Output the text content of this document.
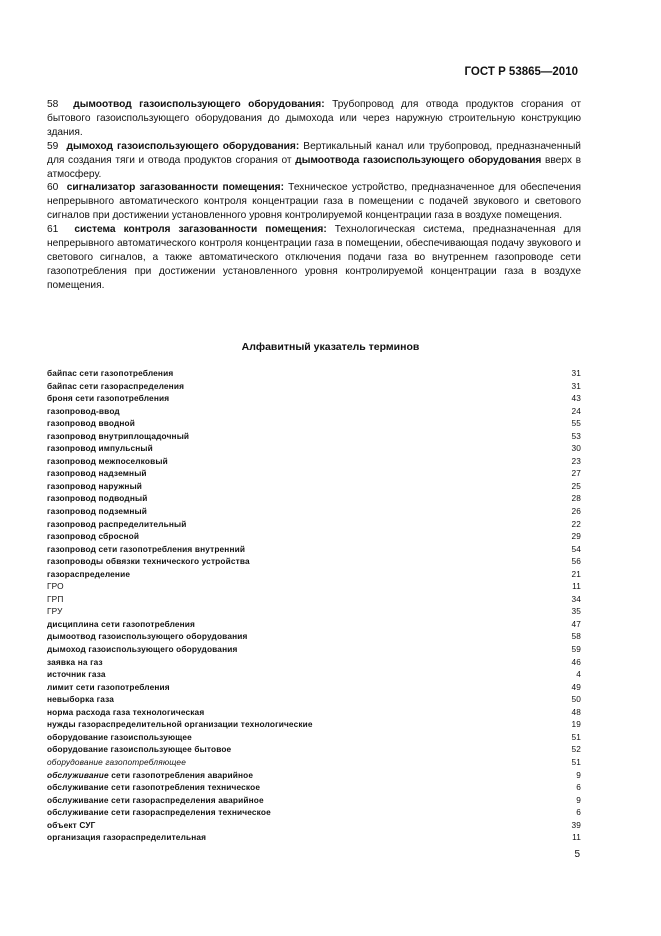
ГОСТ Р 53865—2010

58 дымоотвод газоиспользующего оборудования: Трубопровод для отвода продуктов сгорания от бытового газоиспользующего оборудования до дымохода или через наружную строительную конструкцию здания.

59 дымоход газоиспользующего оборудования: Вертикальный канал или трубопровод, предназначенный для создания тяги и отвода продуктов сгорания от дымоотвода газоиспользующего оборудования вверх в атмосферу.

60 сигнализатор загазованности помещения: Техническое устройство, предназначенное для обеспечения непрерывного автоматического контроля концентрации газа в помещении с подачей звукового и светового сигналов при достижении установленного уровня контролируемой концентрации газа в воздухе помещения.

61 система контроля загазованности помещения: Технологическая система, предназначенная для непрерывного автоматического контроля концентрации газа в помещении, обеспечивающая подачу звукового и светового сигналов, а также автоматического отключения подачи газа во внутреннем газопроводе сети газопотребления при достижении установленного уровня контролируемой концентрации газа в воздухе помещения.

Алфавитный указатель терминов
байпас сети газопотребления	31
байпас сети газораспределения	31
броня сети газопотребления	43
газопровод-ввод	24
газопровод вводной	55
газопровод внутриплощадочный	53
газопровод импульсный	30
газопровод межпоселковый	23
газопровод надземный	27
газопровод наружный	25
газопровод подводный	28
газопровод подземный	26
газопровод распределительный	22
газопровод сбросной	29
газопровод сети газопотребления внутренний	54
газопроводы обвязки технического устройства	56
газораспределение	21
ГРО	11
ГРП	34
ГРУ	35
дисциплина сети газопотребления	47
дымоотвод газоиспользующего оборудования	58
дымоход газоиспользующего оборудования	59
заявка на газ	46
источник газа	4
лимит сети газопотребления	49
невыборка газа	50
норма расхода газа технологическая	48
нужды газораспределительной организации технологические	19
оборудование газоиспользующее	51
оборудование газоиспользующее бытовое	52
оборудование газопотребляющее	51
обслуживание сети газопотребления аварийное	9
обслуживание сети газопотребления техническое	6
обслуживание сети газораспределения аварийное	9
обслуживание сети газораспределения техническое	6
объект СУГ	39
организация газораспределительная	11
5
